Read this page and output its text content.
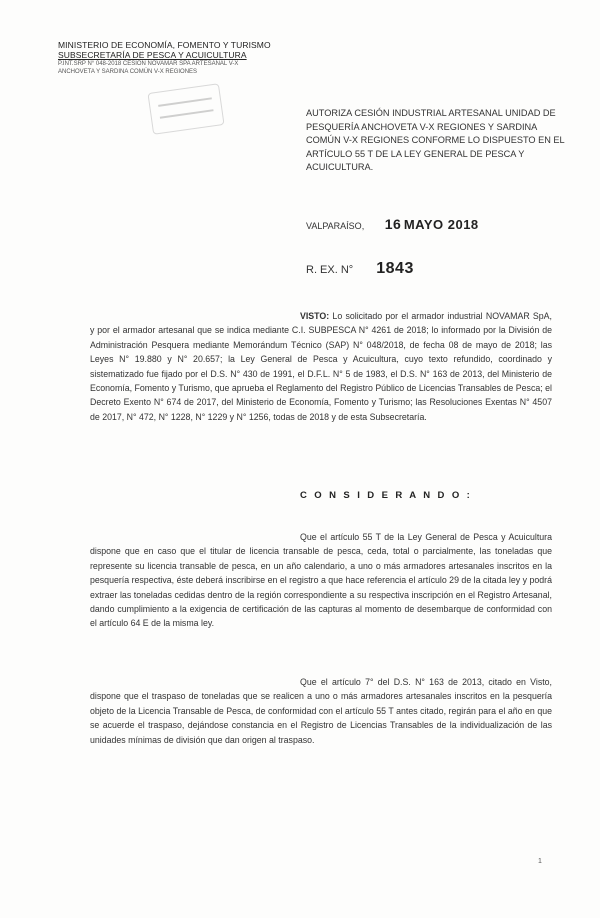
MINISTERIO DE ECONOMÍA, FOMENTO Y TURISMO
SUBSECRETARÍA DE PESCA Y ACUICULTURA
P.INT.SRP N° 048-2018 CESIÓN NOVAMAR SPA ARTESANAL V-X
ANCHOVETA Y SARDINA COMÚN V-X REGIONES
AUTORIZA CESIÓN INDUSTRIAL ARTESANAL UNIDAD DE PESQUERÍA ANCHOVETA V-X REGIONES Y SARDINA COMÚN V-X REGIONES CONFORME LO DISPUESTO EN EL ARTÍCULO 55 T DE LA LEY GENERAL DE PESCA Y ACUICULTURA.
VALPARAÍSO, 16 MAYO 2018
R. EX. N° 1843
VISTO: Lo solicitado por el armador industrial NOVAMAR SpA, y por el armador artesanal que se indica mediante C.I. SUBPESCA N° 4261 de 2018; lo informado por la División de Administración Pesquera mediante Memorándum Técnico (SAP) N° 048/2018, de fecha 08 de mayo de 2018; las Leyes N° 19.880 y N° 20.657; la Ley General de Pesca y Acuicultura, cuyo texto refundido, coordinado y sistematizado fue fijado por el D.S. N° 430 de 1991, el D.F.L. N° 5 de 1983, el D.S. N° 163 de 2013, del Ministerio de Economía, Fomento y Turismo, que aprueba el Reglamento del Registro Público de Licencias Transables de Pesca; el Decreto Exento N° 674 de 2017, del Ministerio de Economía, Fomento y Turismo; las Resoluciones Exentas N° 4507 de 2017, N° 472, N° 1228, N° 1229 y N° 1256, todas de 2018 y de esta Subsecretaría.
C O N S I D E R A N D O :
Que el artículo 55 T de la Ley General de Pesca y Acuicultura dispone que en caso que el titular de licencia transable de pesca, ceda, total o parcialmente, las toneladas que represente su licencia transable de pesca, en un año calendario, a uno o más armadores artesanales inscritos en la pesquería respectiva, éste deberá inscribirse en el registro a que hace referencia el artículo 29 de la citada ley y podrá extraer las toneladas cedidas dentro de la región correspondiente a su respectiva inscripción en el Registro Artesanal, dando cumplimiento a la exigencia de certificación de las capturas al momento de desembarque de conformidad con el artículo 64 E de la misma ley.
Que el artículo 7° del D.S. N° 163 de 2013, citado en Visto, dispone que el traspaso de toneladas que se realicen a uno o más armadores artesanales inscritos en la pesquería objeto de la Licencia Transable de Pesca, de conformidad con el artículo 55 T antes citado, regirán para el año en que se acuerde el traspaso, dejándose constancia en el Registro de Licencias Transables de la individualización de las unidades mínimas de división que dan origen al traspaso.
1
